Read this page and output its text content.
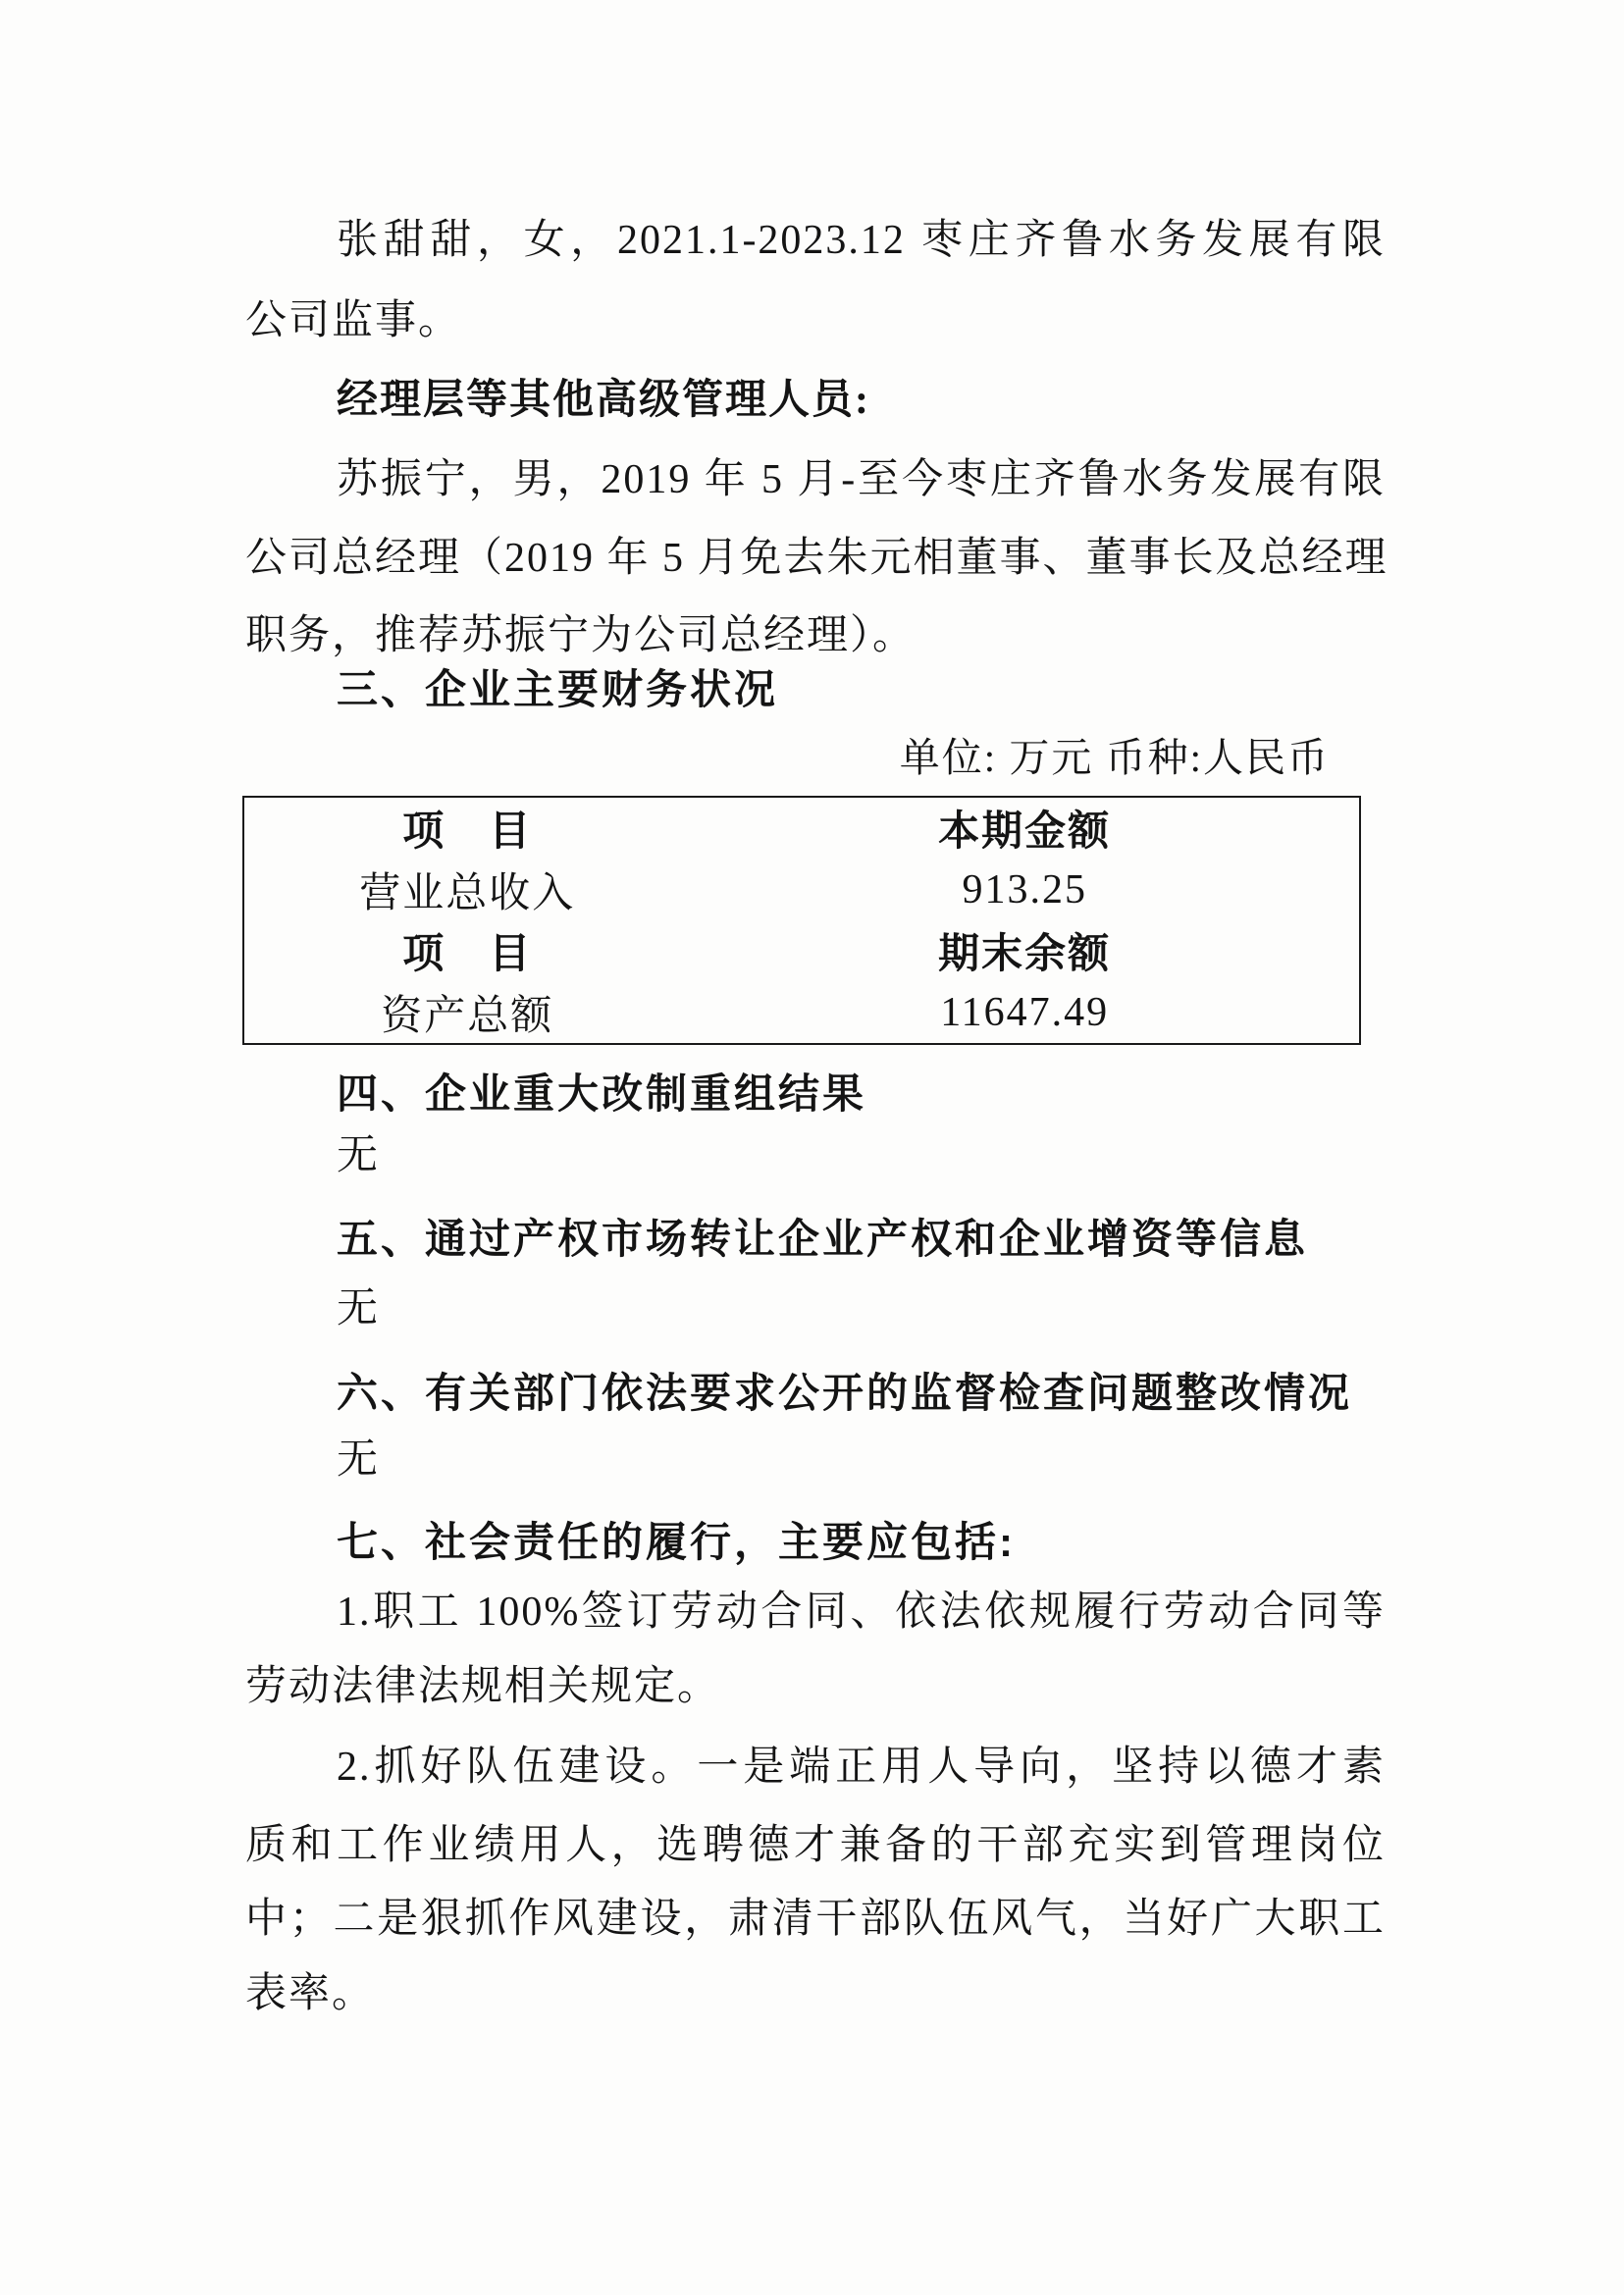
张甜甜，女，2021.1-2023.12 枣庄齐鲁水务发展有限
公司监事。
经理层等其他高级管理人员:
苏振宁，男，2019 年 5 月-至今枣庄齐鲁水务发展有限
公司总经理（2019 年 5 月免去朱元相董事、董事长及总经理
职务，推荐苏振宁为公司总经理）。
三、企业主要财务状况
单位: 万元 币种:人民币
项　目	本期金额
营业总收入	913.25
项　目	期末余额
资产总额	11647.49
四、企业重大改制重组结果
无
五、通过产权市场转让企业产权和企业增资等信息
无
六、有关部门依法要求公开的监督检查问题整改情况
无
七、社会责任的履行，主要应包括:
1.职工 100%签订劳动合同、依法依规履行劳动合同等
劳动法律法规相关规定。
2.抓好队伍建设。一是端正用人导向，坚持以德才素
质和工作业绩用人，选聘德才兼备的干部充实到管理岗位
中；二是狠抓作风建设，肃清干部队伍风气，当好广大职工
表率。
